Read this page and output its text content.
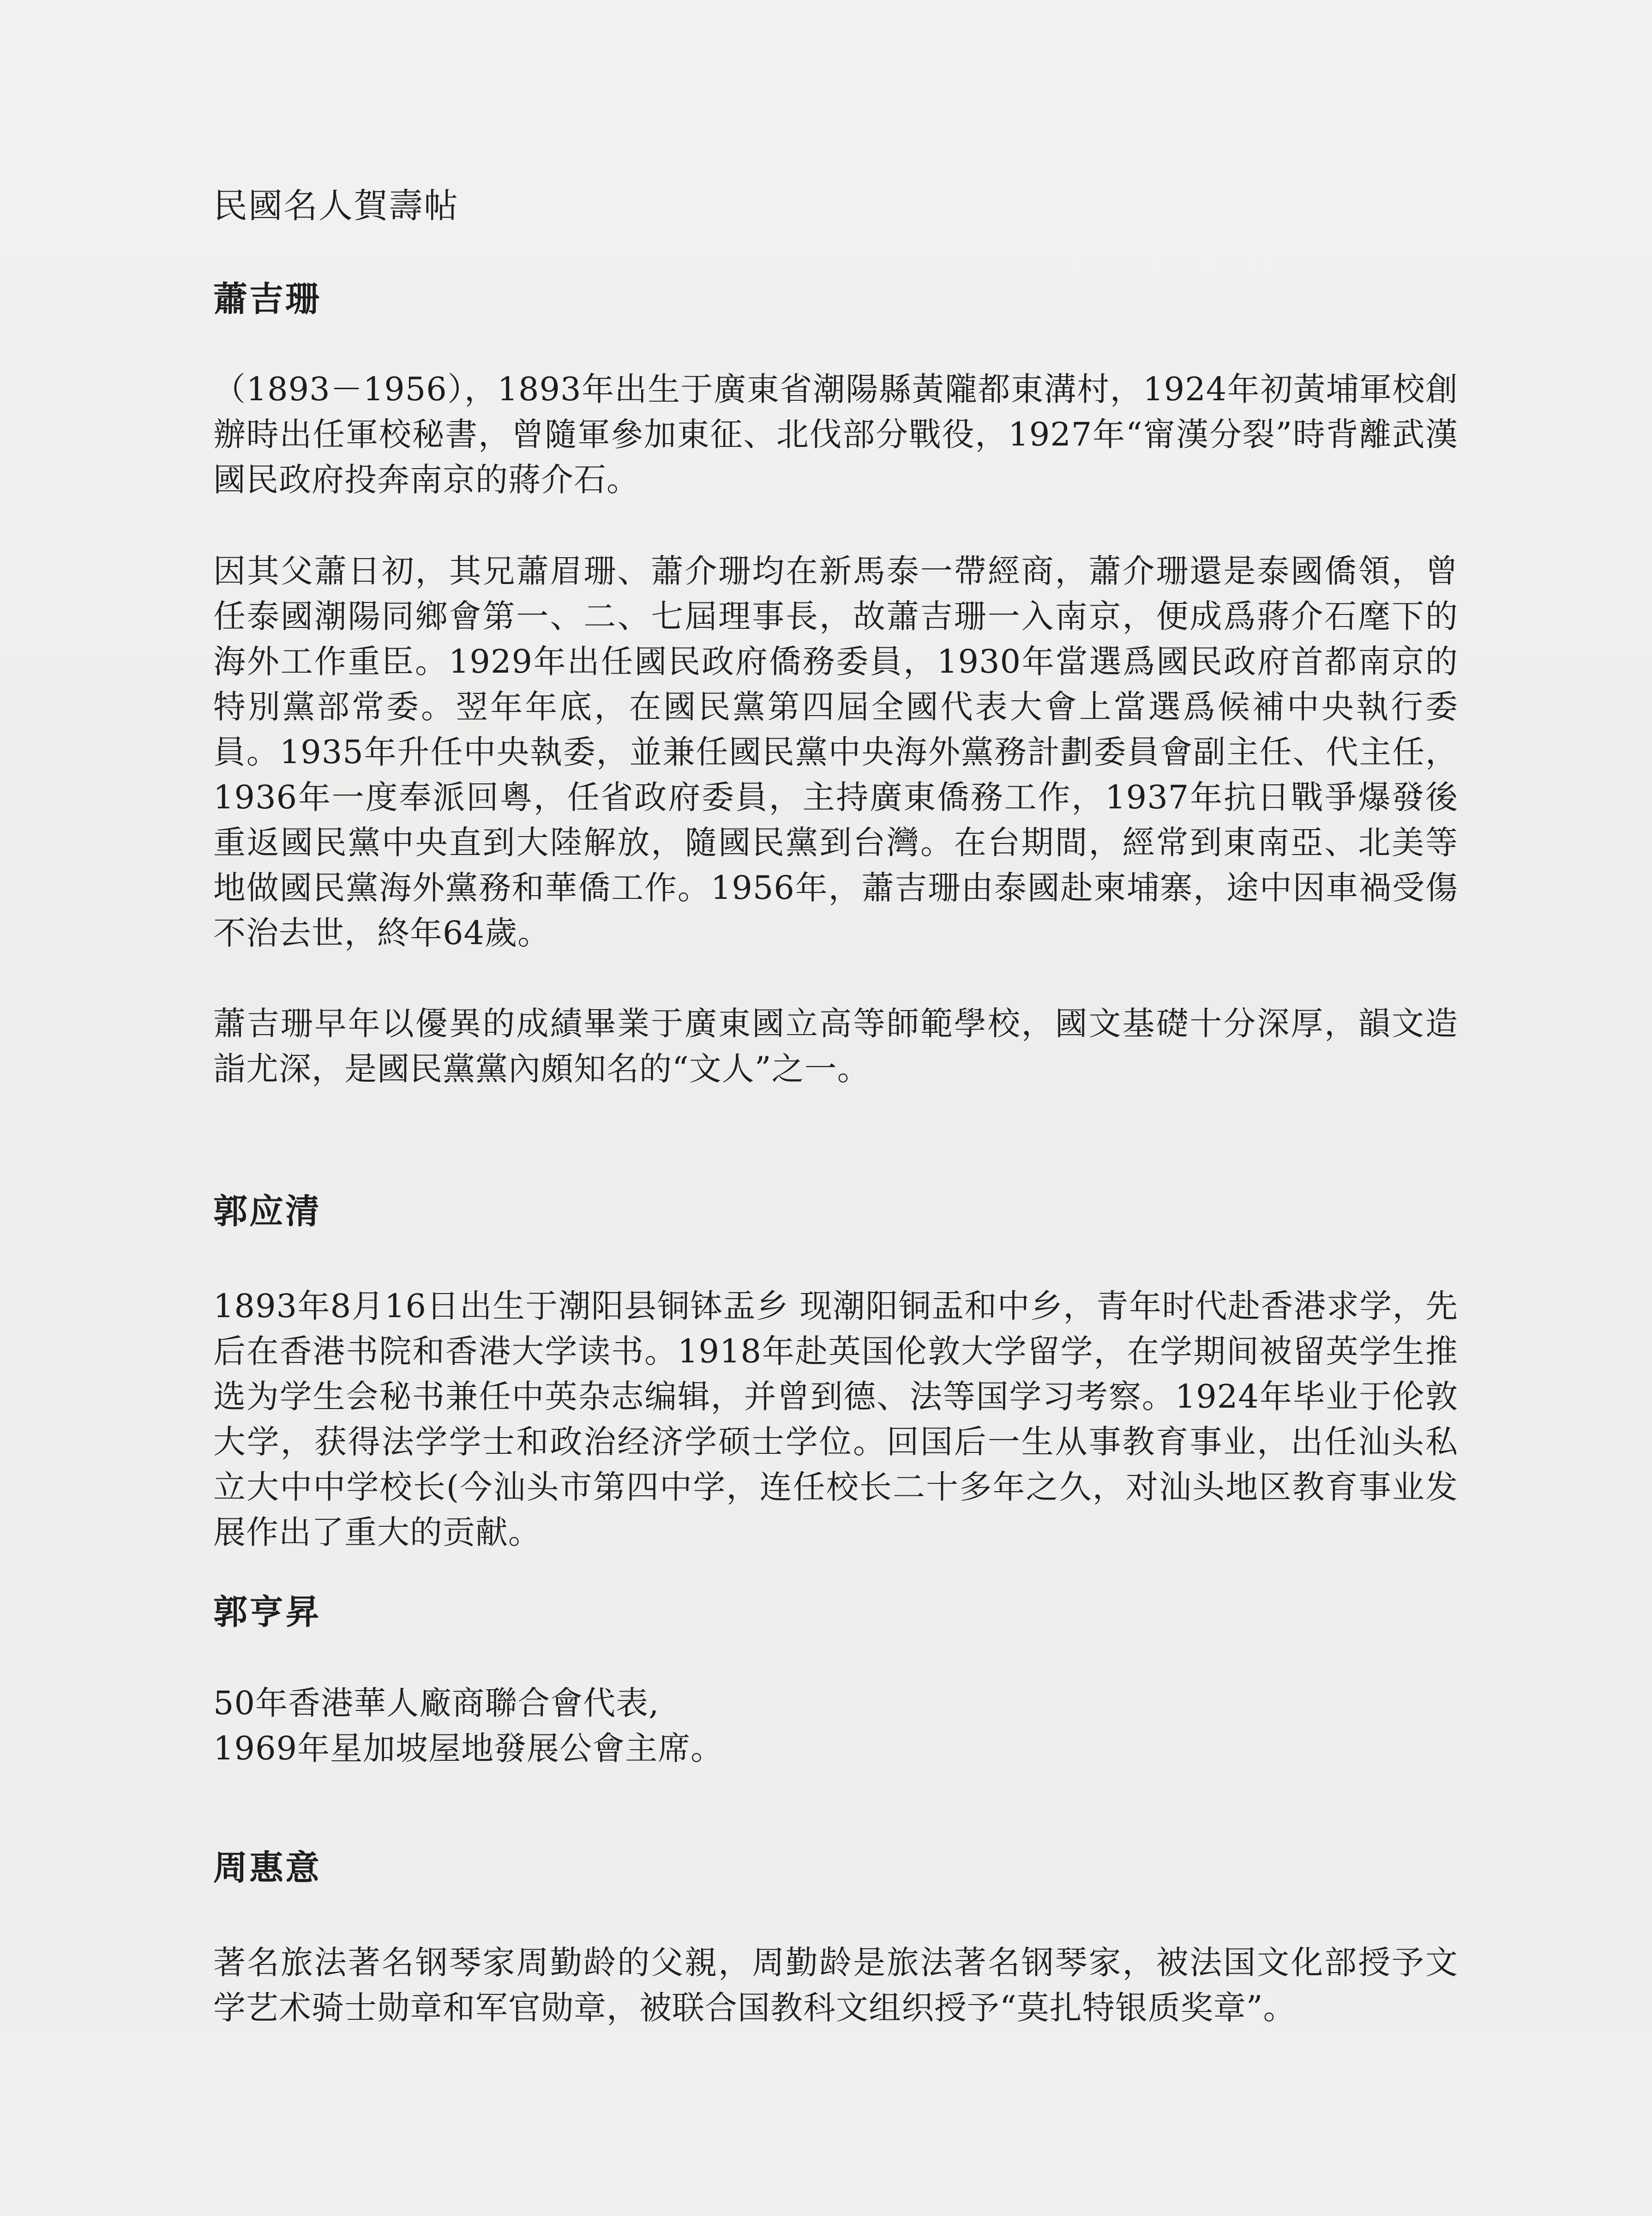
民國名人賀壽帖
蕭吉珊

（1893－1956），1893年出生于廣東省潮陽縣黃隴都東溝村，1924年初黃埔軍校創辦時出任軍校秘書，曾隨軍參加東征、北伐部分戰役，1927年“甯漢分裂”時背離武漢國民政府投奔南京的蔣介石。

因其父蕭日初，其兄蕭眉珊、蕭介珊均在新馬泰一帶經商，蕭介珊還是泰國僑領，曾任泰國潮陽同鄉會第一、二、七屆理事長，故蕭吉珊一入南京，便成爲蔣介石麾下的海外工作重臣。1929年出任國民政府僑務委員，1930年當選爲國民政府首都南京的特別黨部常委。翌年年底，在國民黨第四屆全國代表大會上當選爲候補中央執行委員。1935年升任中央執委，並兼任國民黨中央海外黨務計劃委員會副主任、代主任，1936年一度奉派回粵，任省政府委員，主持廣東僑務工作，1937年抗日戰爭爆發後重返國民黨中央直到大陸解放，隨國民黨到台灣。在台期間，經常到東南亞、北美等地做國民黨海外黨務和華僑工作。1956年，蕭吉珊由泰國赴柬埔寨，途中因車禍受傷不治去世，終年64歲。

蕭吉珊早年以優異的成績畢業于廣東國立高等師範學校，國文基礎十分深厚，韻文造詣尤深，是國民黨黨內頗知名的“文人”之一。

郭应清

1893年8月16日出生于潮阳县铜钵盂乡 现潮阳铜盂和中乡，青年时代赴香港求学，先后在香港书院和香港大学读书。1918年赴英国伦敦大学留学，在学期间被留英学生推选为学生会秘书兼任中英杂志编辑，并曾到德、法等国学习考察。1924年毕业于伦敦大学，获得法学学士和政治经济学硕士学位。回国后一生从事教育事业，出任汕头私立大中中学校长(今汕头市第四中学，连任校长二十多年之久，对汕头地区教育事业发展作出了重大的贡献。

郭亨昇
50年香港華人廠商聯合會代表,
1969年星加坡屋地發展公會主席。
周惠意

著名旅法著名钢琴家周勤龄的父親，周勤龄是旅法著名钢琴家，被法国文化部授予文学艺术骑士勋章和军官勋章，被联合国教科文组织授予“莫扎特银质奖章”。
